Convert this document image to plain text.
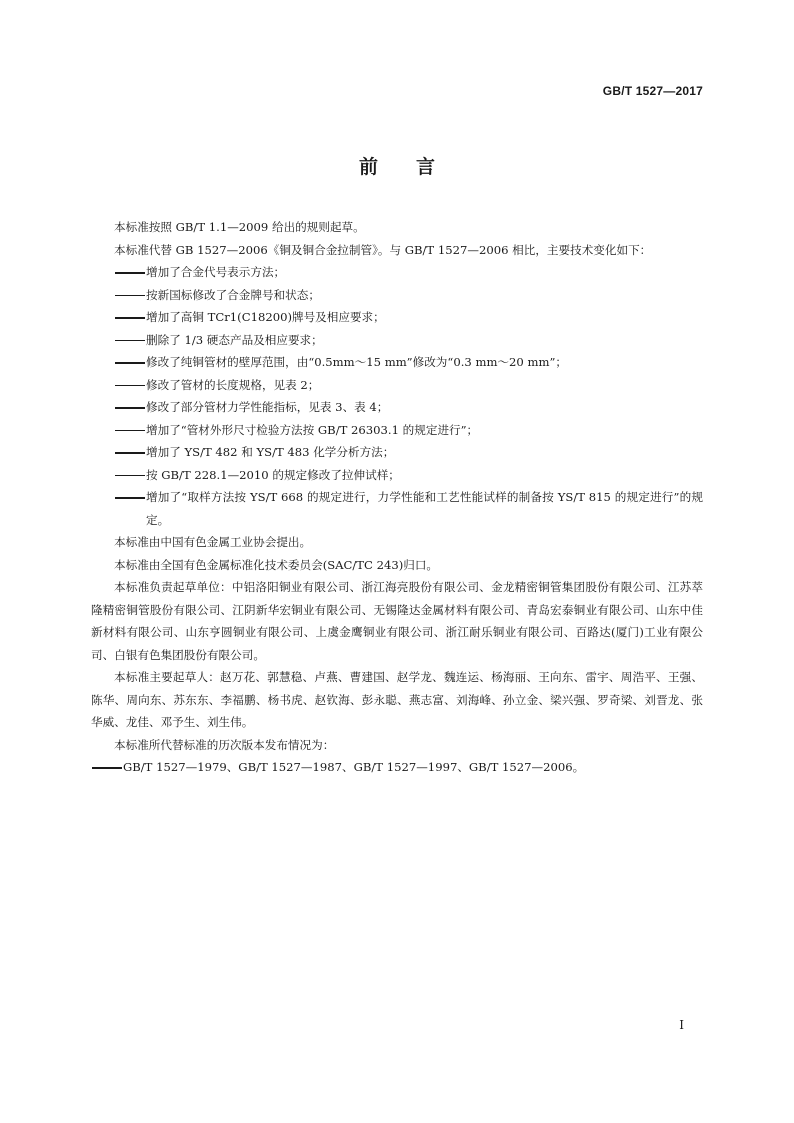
GB/T 1527—2017
前言

本标准按照 GB/T 1.1—2009 给出的规则起草。

本标准代替 GB 1527—2006《铜及铜合金拉制管》。与 GB/T 1527—2006 相比，主要技术变化如下：

增加了合金代号表示方法；

按新国标修改了合金牌号和状态；

增加了高铜 TCr1(C18200)牌号及相应要求；

删除了 1/3 硬态产品及相应要求；

修改了纯铜管材的壁厚范围，由“0.5mm～15 mm”修改为“0.3 mm～20 mm”；

修改了管材的长度规格，见表 2；

修改了部分管材力学性能指标，见表 3、表 4；

增加了“管材外形尺寸检验方法按 GB/T 26303.1 的规定进行”；

增加了 YS/T 482 和 YS/T 483 化学分析方法；

按 GB/T 228.1—2010 的规定修改了拉伸试样；

增加了“取样方法按 YS/T 668 的规定进行，力学性能和工艺性能试样的制备按 YS/T 815 的规定进行”的规定。

本标准由中国有色金属工业协会提出。

本标准由全国有色金属标准化技术委员会(SAC/TC 243)归口。

本标准负责起草单位：中铝洛阳铜业有限公司、浙江海亮股份有限公司、金龙精密铜管集团股份有限公司、江苏萃隆精密铜管股份有限公司、江阴新华宏铜业有限公司、无锡隆达金属材料有限公司、青岛宏泰铜业有限公司、山东中佳新材料有限公司、山东亨圆铜业有限公司、上虞金鹰铜业有限公司、浙江耐乐铜业有限公司、百路达(厦门)工业有限公司、白银有色集团股份有限公司。

本标准主要起草人：赵万花、郭慧稳、卢燕、曹建国、赵学龙、魏连运、杨海丽、王向东、雷宇、周浩平、王强、陈华、周向东、苏东东、李福鹏、杨书虎、赵钦海、彭永聪、燕志富、刘海峰、孙立金、梁兴强、罗奇梁、刘晋龙、张华威、龙佳、邓予生、刘生伟。

本标准所代替标准的历次版本发布情况为：

GB/T 1527—1979、GB/T 1527—1987、GB/T 1527—1997、GB/T 1527—2006。

I
